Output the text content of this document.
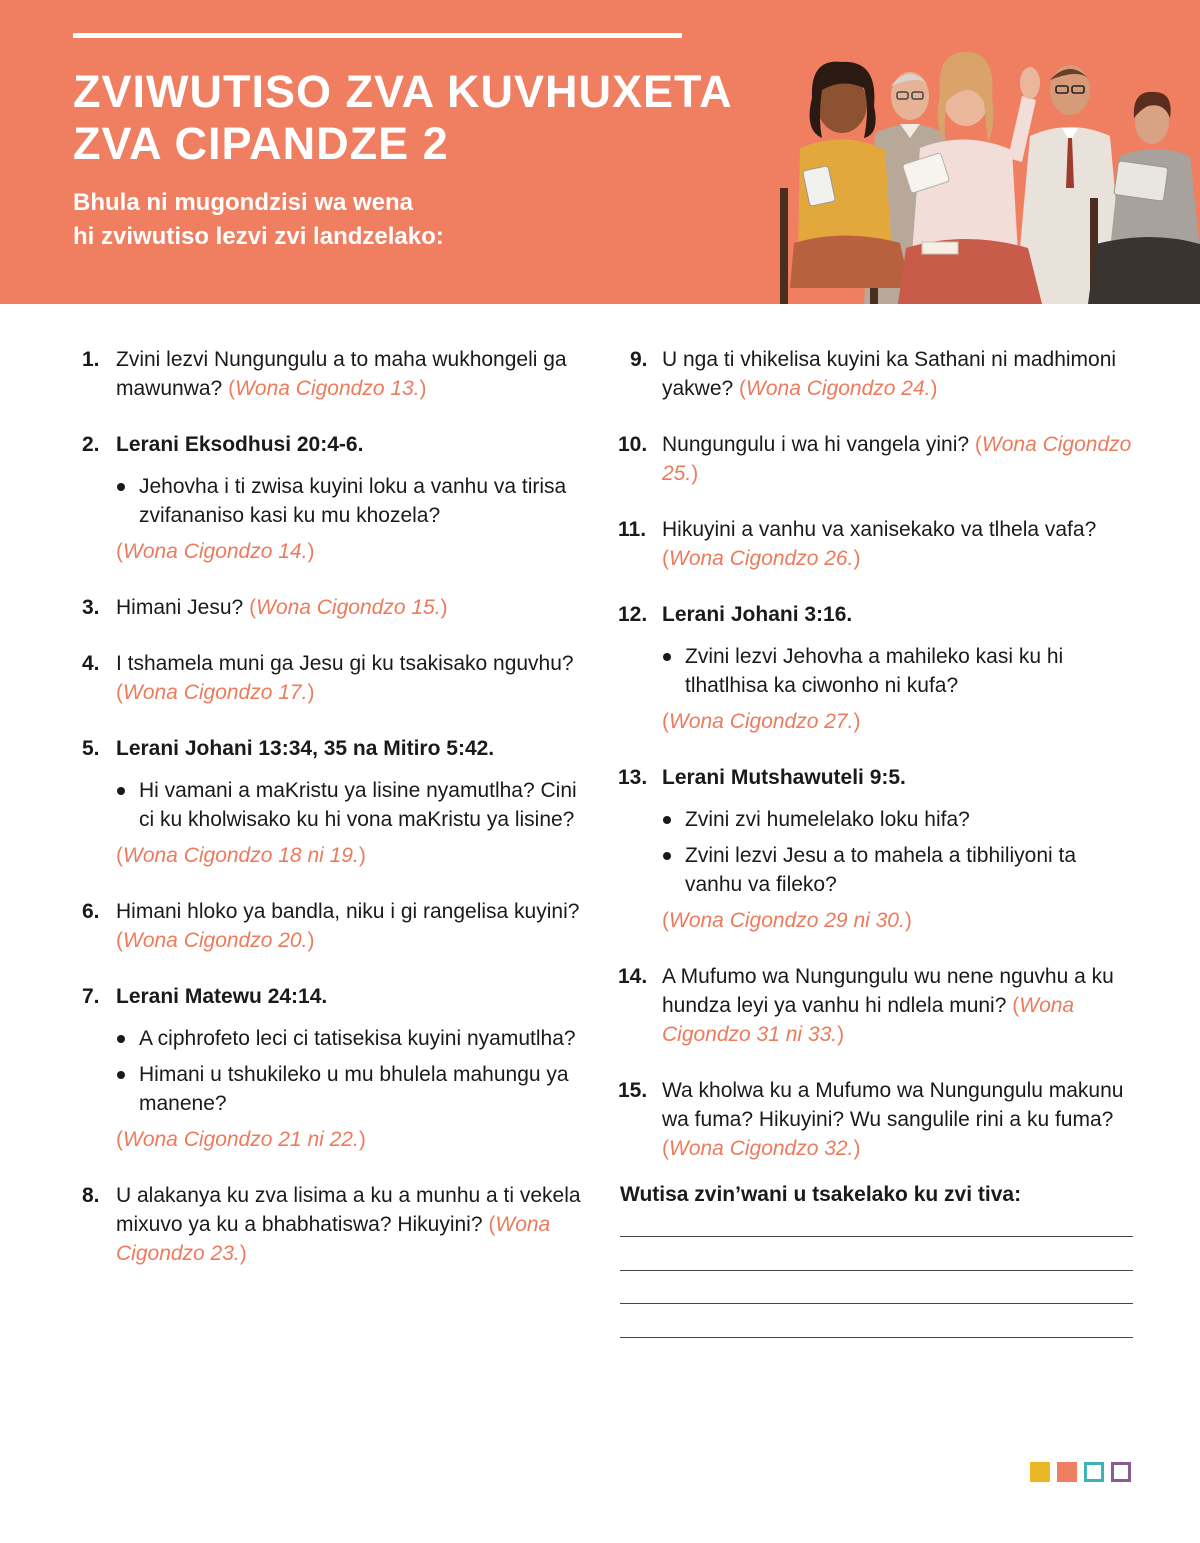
ZVIWUTISO ZVA KUVHUXETA
ZVA CIPANDZE 2

Bhula ni mugondzisi wa wena
hi zviwutiso lezvi zvi landzelako:

1. Zvini lezvi Nungungulu a to maha wukhongeli ga mawunwa? (Wona Cigondzo 13.)
2. Lerani Eksodhusi 20:4-6.
Jehovha i ti zwisa kuyini loku a vanhu va tirisa zvifananiso kasi ku mu khozela?
(Wona Cigondzo 14.)
3. Himani Jesu? (Wona Cigondzo 15.)
4. I tshamela muni ga Jesu gi ku tsakisako nguvhu? (Wona Cigondzo 17.)
5. Lerani Johani 13:34, 35 na Mitiro 5:42.
Hi vamani a maKristu ya lisine nyamutlha? Cini ci ku kholwisako ku hi vona maKristu ya lisine?
(Wona Cigondzo 18 ni 19.)
6. Himani hloko ya bandla, niku i gi rangelisa kuyini? (Wona Cigondzo 20.)
7. Lerani Matewu 24:14.
A ciphrofeto leci ci tatisekisa kuyini nyamutlha?
Himani u tshukileko u mu bhulela mahungu ya manene?
(Wona Cigondzo 21 ni 22.)
8. U alakanya ku zva lisima a ku a munhu a ti vekela mixuvo ya ku a bhabhatiswa? Hikuyini? (Wona Cigondzo 23.)
9. U nga ti vhikelisa kuyini ka Sathani ni madhimoni yakwe? (Wona Cigondzo 24.)
10. Nungungulu i wa hi vangela yini? (Wona Cigondzo 25.)
11. Hikuyini a vanhu va xanisekako va tlhela vafa? (Wona Cigondzo 26.)
12. Lerani Johani 3:16.
Zvini lezvi Jehovha a mahileko kasi ku hi tlhatlhisa ka ciwonho ni kufa?
(Wona Cigondzo 27.)
13. Lerani Mutshawuteli 9:5.
Zvini zvi humelelako loku hifa?
Zvini lezvi Jesu a to mahela a tibhiliyoni ta vanhu va fileko?
(Wona Cigondzo 29 ni 30.)
14. A Mufumo wa Nungungulu wu nene nguvhu a ku hundza leyi ya vanhu hi ndlela muni? (Wona Cigondzo 31 ni 33.)
15. Wa kholwa ku a Mufumo wa Nungungulu makunu wa fuma? Hikuyini? Wu sangulile rini a ku fuma? (Wona Cigondzo 32.)
Wutisa zvin’wani u tsakelako ku zvi tiva:
